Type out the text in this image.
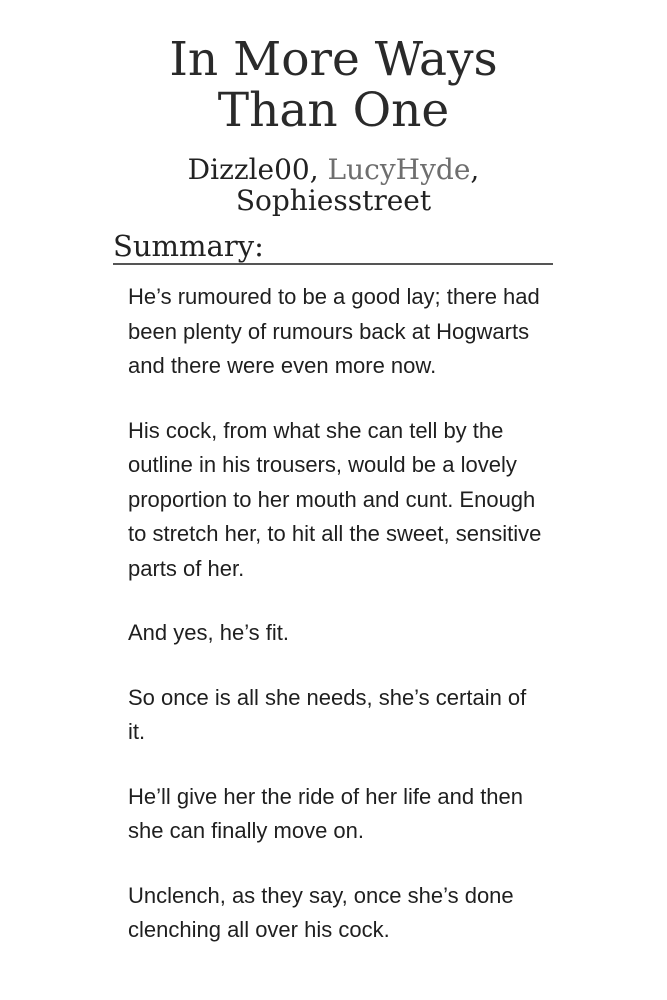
In More Ways
Than One
Dizzle00, LucyHyde,
Sophiesstreet
Summary:

He’s rumoured to be a good lay; there had been plenty of rumours back at Hogwarts and there were even more now.

His cock, from what she can tell by the outline in his trousers, would be a lovely proportion to her mouth and cunt. Enough to stretch her, to hit all the sweet, sensitive parts of her.

And yes, he’s fit.

So once is all she needs, she’s certain of it.

He’ll give her the ride of her life and then she can finally move on.

Unclench, as they say, once she’s done clenching all over his cock.
